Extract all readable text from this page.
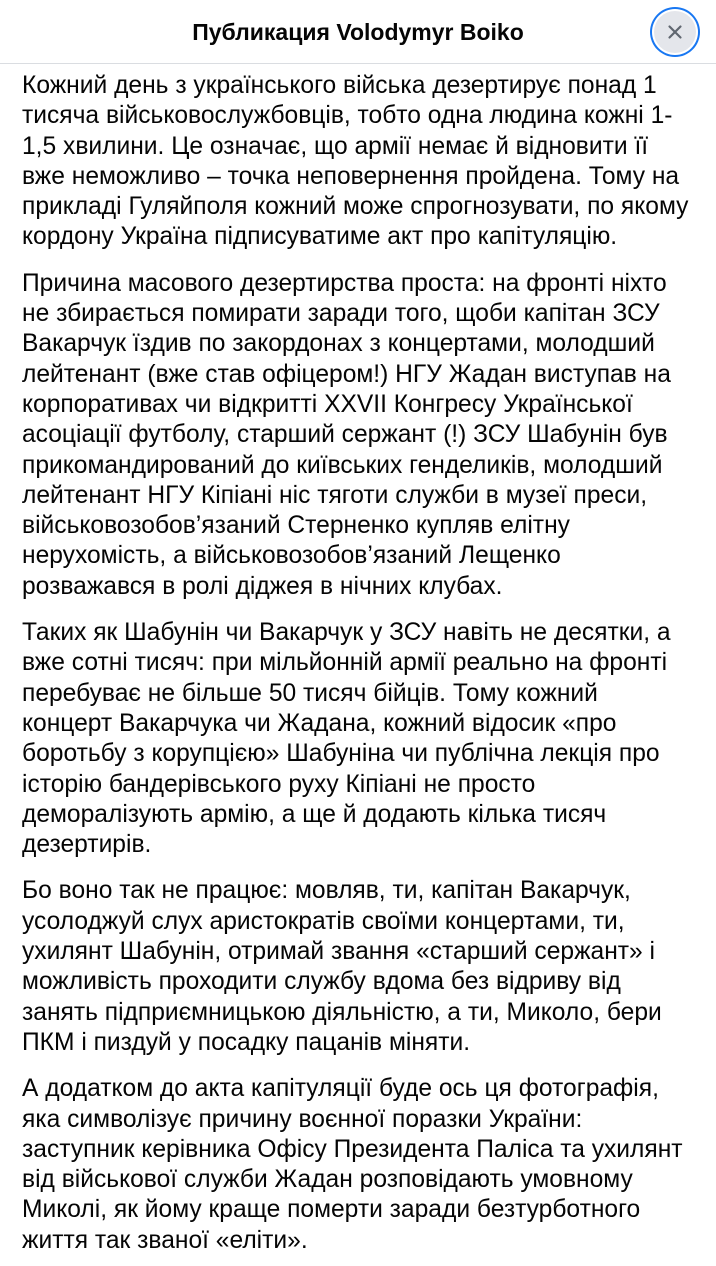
Публикация Volodymyr Boiko

Кожний день з українського війська дезертирує понад 1 тисяча військовослужбовців, тобто одна людина кожні 1-1,5 хвилини. Це означає, що армії немає й відновити її вже неможливо – точка неповернення пройдена. Тому на прикладі Гуляйполя кожний може спрогнозувати, по якому кордону Україна підписуватиме акт про капітуляцію.

Причина масового дезертирства проста: на фронті ніхто не збирається помирати заради того, щоби капітан ЗСУ Вакарчук їздив по закордонах з концертами, молодший лейтенант (вже став офіцером!) НГУ Жадан виступав на корпоративах чи відкритті XXVII Конгресу Української асоціації футболу, старший сержант (!) ЗСУ Шабунін був прикомандирований до київських генделиків, молодший лейтенант НГУ Кіпіані ніс тяготи служби в музеї преси, військовозобов’язаний Стерненко купляв елітну нерухомість, а військовозобов’язаний Лещенко розважався в ролі діджея в нічних клубах.

Таких як Шабунін чи Вакарчук у ЗСУ навіть не десятки, а вже сотні тисяч: при мільйонній армії реально на фронті перебуває не більше 50 тисяч бійців. Тому кожний концерт Вакарчука чи Жадана, кожний відосик «про боротьбу з корупцією» Шабуніна чи публічна лекція про історію бандерівського руху Кіпіані не просто деморалізують армію, а ще й додають кілька тисяч дезертирів.

Бо воно так не працює: мовляв, ти, капітан Вакарчук, усолоджуй слух аристократів своїми концертами, ти, ухилянт Шабунін, отримай звання «старший сержант» і можливість проходити службу вдома без відриву від занять підприємницькою діяльністю, а ти, Миколо, бери ПКМ і пиздуй у посадку пацанів міняти.

А додатком до акта капітуляції буде ось ця фотографія, яка символізує причину воєнної поразки України: заступник керівника Офісу Президента Паліса та ухилянт від військової служби Жадан розповідають умовному Миколі, як йому краще померти заради безтурботного життя так званої «еліти».
